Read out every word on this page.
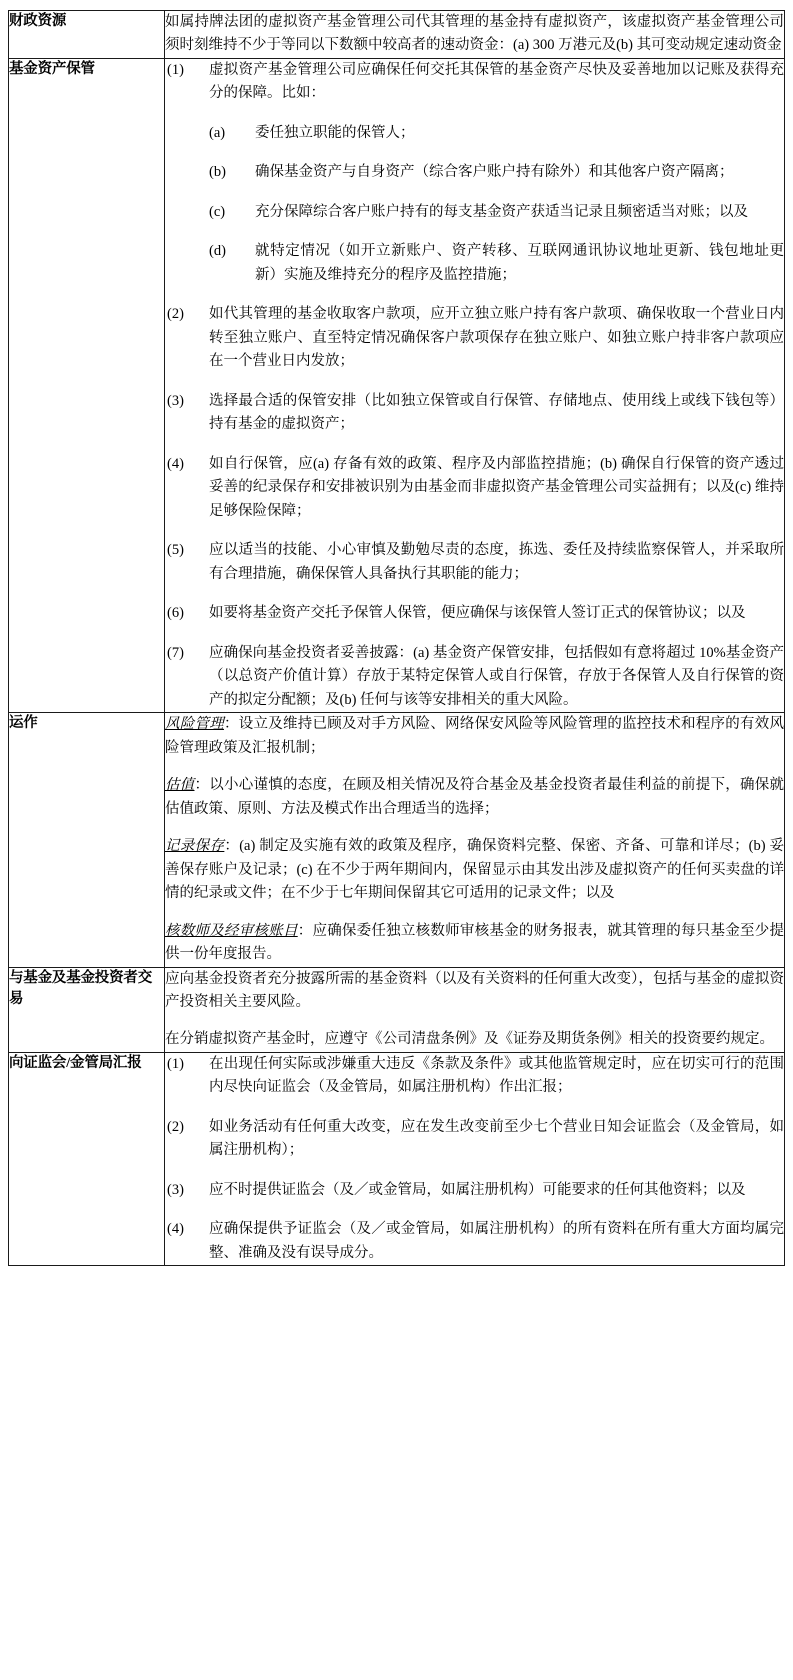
财政资源	如属持牌法团的虚拟资产基金管理公司代其管理的基金持有虚拟资产，该虚拟资产基金管理公司须时刻维持不少于等同以下数额中较高者的速动资金：(a) 300 万港元及(b) 其可变动规定速动资金

基金资产保管	(1)	虚拟资产基金管理公司应确保任何交托其保管的基金资产尽快及妥善地加以记账及获得充分的保障。比如：
(a)	委任独立职能的保管人；
(b)	确保基金资产与自身资产（综合客户账户持有除外）和其他客户资产隔离；
(c)	充分保障综合客户账户持有的每支基金资产获适当记录且频密适当对账；以及
(d)	就特定情况（如开立新账户、资产转移、互联网通讯协议地址更新、钱包地址更新）实施及维持充分的程序及监控措施；
(2)	如代其管理的基金收取客户款项，应开立独立账户持有客户款项、确保收取一个营业日内转至独立账户、直至特定情况确保客户款项保存在独立账户、如独立账户持非客户款项应在一个营业日内发放；
(3)	选择最合适的保管安排（比如独立保管或自行保管、存储地点、使用线上或线下钱包等）持有基金的虚拟资产；
(4)	如自行保管，应(a) 存备有效的政策、程序及内部监控措施；(b) 确保自行保管的资产透过妥善的纪录保存和安排被识别为由基金而非虚拟资产基金管理公司实益拥有；以及(c) 维持足够保险保障；
(5)	应以适当的技能、小心审慎及勤勉尽责的态度，拣选、委任及持续监察保管人，并采取所有合理措施，确保保管人具备执行其职能的能力；
(6)	如要将基金资产交托予保管人保管，便应确保与该保管人签订正式的保管协议；以及
(7)	应确保向基金投资者妥善披露：(a) 基金资产保管安排，包括假如有意将超过 10%基金资产（以总资产价值计算）存放于某特定保管人或自行保管，存放于各保管人及自行保管的资产的拟定分配额；及(b) 任何与该等安排相关的重大风险。

运作	风险管理：设立及维持已顾及对手方风险、网络保安风险等风险管理的监控技术和程序的有效风险管理政策及汇报机制；

估值：以小心谨慎的态度，在顾及相关情况及符合基金及基金投资者最佳利益的前提下，确保就估值政策、原则、方法及模式作出合理适当的选择；

记录保存：(a) 制定及实施有效的政策及程序，确保资料完整、保密、齐备、可靠和详尽；(b) 妥善保存账户及记录；(c) 在不少于两年期间内，保留显示由其发出涉及虚拟资产的任何买卖盘的详情的纪录或文件；在不少于七年期间保留其它可适用的记录文件；以及

核数师及经审核账目：应确保委任独立核数师审核基金的财务报表，就其管理的每只基金至少提供一份年度报告。

与基金及基金投资者交易	应向基金投资者充分披露所需的基金资料（以及有关资料的任何重大改变），包括与基金的虚拟资产投资相关主要风险。

在分销虚拟资产基金时，应遵守《公司清盘条例》及《证券及期货条例》相关的投资要约规定。

向证监会/金管局汇报	(1)	在出现任何实际或涉嫌重大违反《条款及条件》或其他监管规定时，应在切实可行的范围内尽快向证监会（及金管局，如属注册机构）作出汇报；
(2)	如业务活动有任何重大改变，应在发生改变前至少七个营业日知会证监会（及金管局，如属注册机构）；
(3)	应不时提供证监会（及／或金管局，如属注册机构）可能要求的任何其他资料；以及
(4)	应确保提供予证监会（及／或金管局，如属注册机构）的所有资料在所有重大方面均属完整、准确及没有误导成分。
